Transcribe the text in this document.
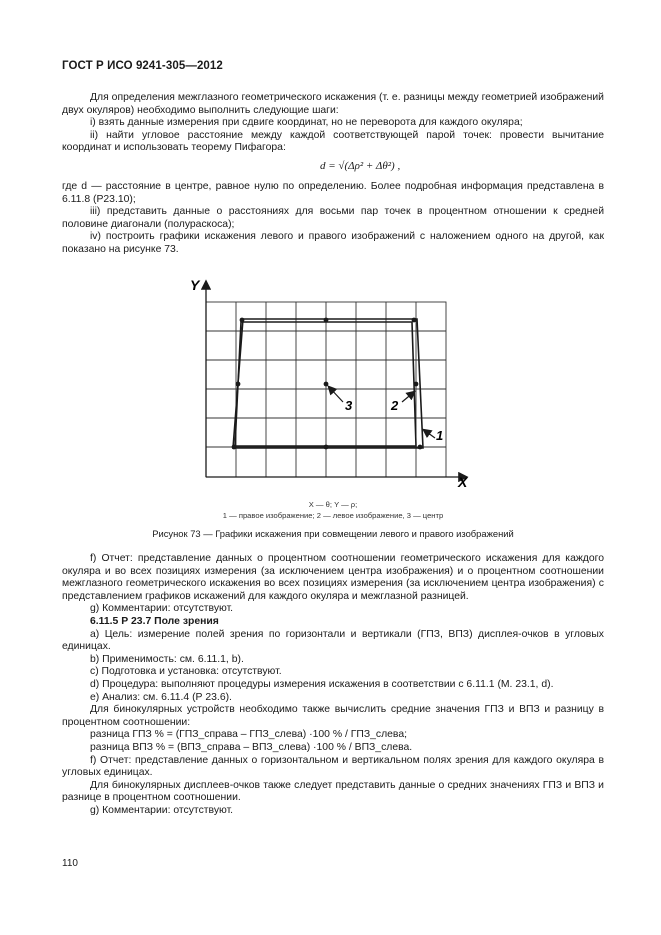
ГОСТ Р ИСО 9241-305—2012

Для определения межглазного геометрического искажения (т. е. разницы между геометрией изображений двух окуляров) необходимо выполнить следующие шаги:

i) взять данные измерения при сдвиге координат, но не переворота для каждого окуляра;

ii) найти угловое расстояние между каждой соответствующей парой точек: провести вычитание координат и использовать теорему Пифагора:

d = √(Δρ² + Δθ²) ,

где d — расстояние в центре, равное нулю по определению. Более подробная информация представлена в 6.11.8 (Р23.10);

iii) представить данные о расстояниях для восьми пар точек в процентном отношении к средней половине диагонали (полураскоса);

iv) построить графики искажения левого и правого изображений с наложением одного на другой, как показано на рисунке 73.

Y
X
3	2
1
X — θ; Y — ρ;
1 — правое изображение; 2 — левое изображение, 3 — центр
Рисунок 73 — Графики искажения при совмещении левого и правого изображений

f) Отчет: представление данных о процентном соотношении геометрического искажения для каждого окуляра и во всех позициях измерения (за исключением центра изображения) и о процентном соотношении межглазного геометрического искажения во всех позициях измерения (за исключением центра изображения) с представлением графиков искажений для каждого окуляра и межглазной разницей.

g) Комментарии: отсутствуют.

6.11.5 Р 23.7 Поле зрения

a) Цель: измерение полей зрения по горизонтали и вертикали (ГПЗ, ВПЗ) дисплея-очков в угловых единицах.

b) Применимость: см. 6.11.1, b).

c) Подготовка и установка: отсутствуют.

d) Процедура: выполняют процедуры измерения искажения в соответствии с 6.11.1 (М. 23.1, d).

e) Анализ: см. 6.11.4 (Р 23.6).

Для бинокулярных устройств необходимо также вычислить средние значения ГПЗ и ВПЗ и разницу в процентном соотношении:

разница ГПЗ % = (ГПЗ_справа – ГПЗ_слева) ·100 % / ГПЗ_слева;

разница ВПЗ % = (ВПЗ_справа – ВПЗ_слева) ·100 % / ВПЗ_слева.

f) Отчет: представление данных о горизонтальном и вертикальном полях зрения для каждого окуляра в угловых единицах.

Для бинокулярных дисплеев-очков также следует представить данные о средних значениях ГПЗ и ВПЗ и разнице в процентном соотношении.

g) Комментарии: отсутствуют.

110
